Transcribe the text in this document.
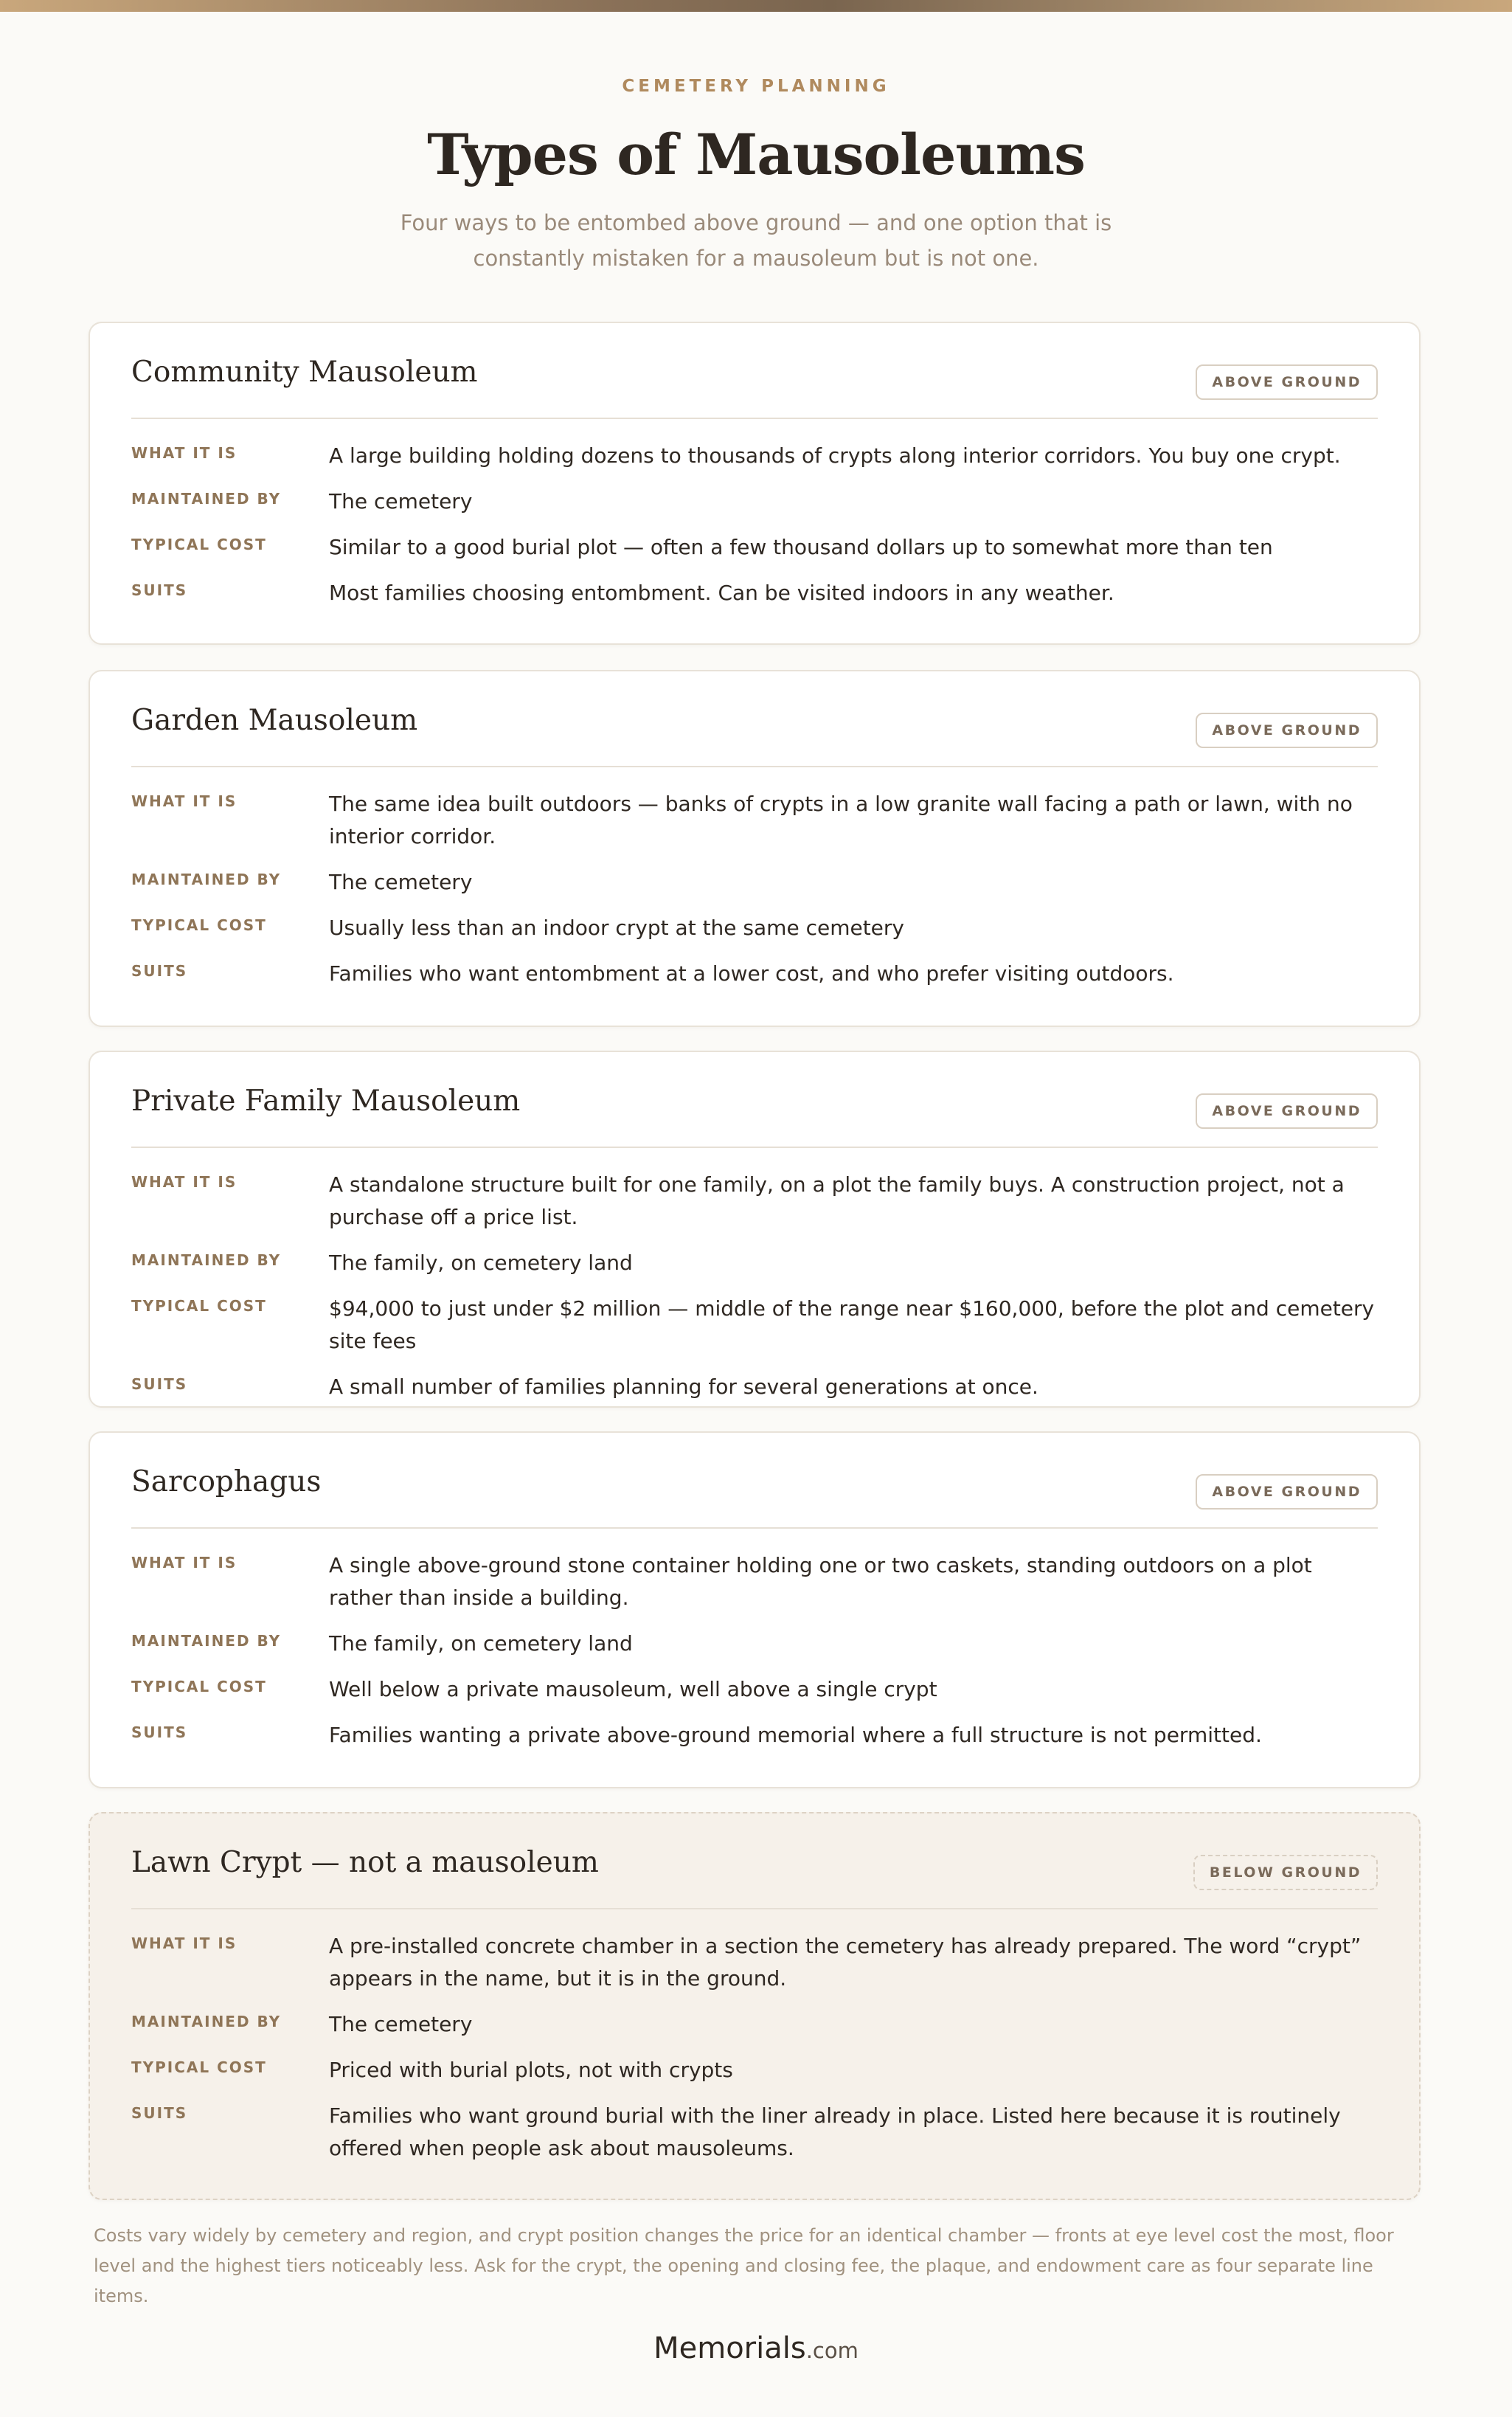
CEMETERY PLANNING
Types of Mausoleums
Four ways to be entombed above ground — and one option that is constantly mistaken for a mausoleum but is not one.
Community Mausoleum	ABOVE GROUND
WHAT IT IS	A large building holding dozens to thousands of crypts along interior corridors. You buy one crypt.
MAINTAINED BY	The cemetery
TYPICAL COST	Similar to a good burial plot — often a few thousand dollars up to somewhat more than ten
SUITS	Most families choosing entombment. Can be visited indoors in any weather.
Garden Mausoleum	ABOVE GROUND
WHAT IT IS	The same idea built outdoors — banks of crypts in a low granite wall facing a path or lawn, with no interior corridor.
MAINTAINED BY	The cemetery
TYPICAL COST	Usually less than an indoor crypt at the same cemetery
SUITS	Families who want entombment at a lower cost, and who prefer visiting outdoors.
Private Family Mausoleum	ABOVE GROUND
WHAT IT IS	A standalone structure built for one family, on a plot the family buys. A construction project, not a purchase off a price list.
MAINTAINED BY	The family, on cemetery land
TYPICAL COST	$94,000 to just under $2 million — middle of the range near $160,000, before the plot and cemetery site fees
SUITS	A small number of families planning for several generations at once.
Sarcophagus	ABOVE GROUND
WHAT IT IS	A single above-ground stone container holding one or two caskets, standing outdoors on a plot rather than inside a building.
MAINTAINED BY	The family, on cemetery land
TYPICAL COST	Well below a private mausoleum, well above a single crypt
SUITS	Families wanting a private above-ground memorial where a full structure is not permitted.
Lawn Crypt — not a mausoleum	BELOW GROUND
WHAT IT IS	A pre-installed concrete chamber in a section the cemetery has already prepared. The word “crypt” appears in the name, but it is in the ground.
MAINTAINED BY	The cemetery
TYPICAL COST	Priced with burial plots, not with crypts
SUITS	Families who want ground burial with the liner already in place. Listed here because it is routinely offered when people ask about mausoleums.
Costs vary widely by cemetery and region, and crypt position changes the price for an identical chamber — fronts at eye level cost the most, floor level and the highest tiers noticeably less. Ask for the crypt, the opening and closing fee, the plaque, and endowment care as four separate line items.
Memorials.com
